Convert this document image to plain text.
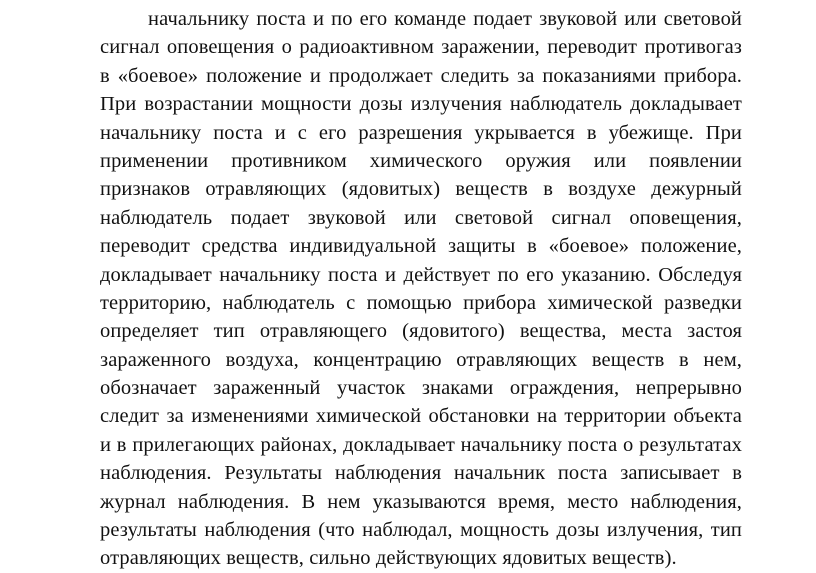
начальнику поста и по его команде подает звуковой или световой
сигнал оповещения о радиоактивном заражении, переводит противогаз
в «боевое» положение и продолжает следить за показаниями прибора.
При возрастании мощности дозы излучения наблюдатель докладывает
начальнику поста и с его разрешения укрывается в убежище. При
применении противником химического оружия или появлении
признаков отравляющих (ядовитых) веществ в воздухе дежурный
наблюдатель подает звуковой или световой сигнал оповещения,
переводит средства индивидуальной защиты в «боевое» положение,
докладывает начальнику поста и действует по его указанию. Обследуя
территорию, наблюдатель с помощью прибора химической разведки
определяет тип отравляющего (ядовитого) вещества, места застоя
зараженного воздуха, концентрацию отравляющих веществ в нем,
обозначает зараженный участок знаками ограждения, непрерывно
следит за изменениями химической обстановки на территории объекта
и в прилегающих районах, докладывает начальнику поста о результатах
наблюдения. Результаты наблюдения начальник поста записывает в
журнал наблюдения. В нем указываются время, место наблюдения,
результаты наблюдения (что наблюдал, мощность дозы излучения, тип
отравляющих веществ, сильно действующих ядовитых веществ).
